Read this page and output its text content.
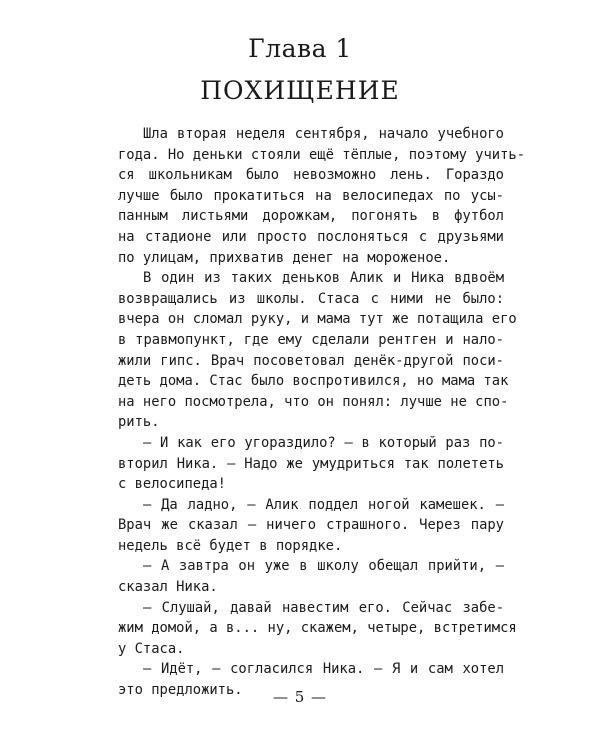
Глава 1
ПОХИЩЕНИЕ

Шла вторая неделя сентября, начало учебного
года. Но деньки стояли ещё тёплые, поэтому учить-
ся школьникам было невозможно лень. Гораздо
лучше было прокатиться на велосипедах по усы-
панным листьями дорожкам, погонять в футбол
на стадионе или просто послоняться с друзьями
по улицам, прихватив денег на мороженое.

В один из таких деньков Алик и Ника вдвоём
возвращались из школы. Стаса с ними не было:
вчера он сломал руку, и мама тут же потащила его
в травмопункт, где ему сделали рентген и нало-
жили гипс. Врач посоветовал денёк-другой поси-
деть дома. Стас было воспротивился, но мама так
на него посмотрела, что он понял: лучше не спо-
рить.

— И как его угораздило? — в который раз по-
вторил Ника. — Надо же умудриться так полететь
с велосипеда!

— Да ладно, — Алик поддел ногой камешек. —
Врач же сказал — ничего страшного. Через пару
недель всё будет в порядке.

— А завтра он уже в школу обещал прийти, —
сказал Ника.

— Слушай, давай навестим его. Сейчас забе-
жим домой, а в... ну, скажем, четыре, встретимся
у Стаса.

— Идёт, — согласился Ника. — Я и сам хотел
это предложить.	— 5 —
